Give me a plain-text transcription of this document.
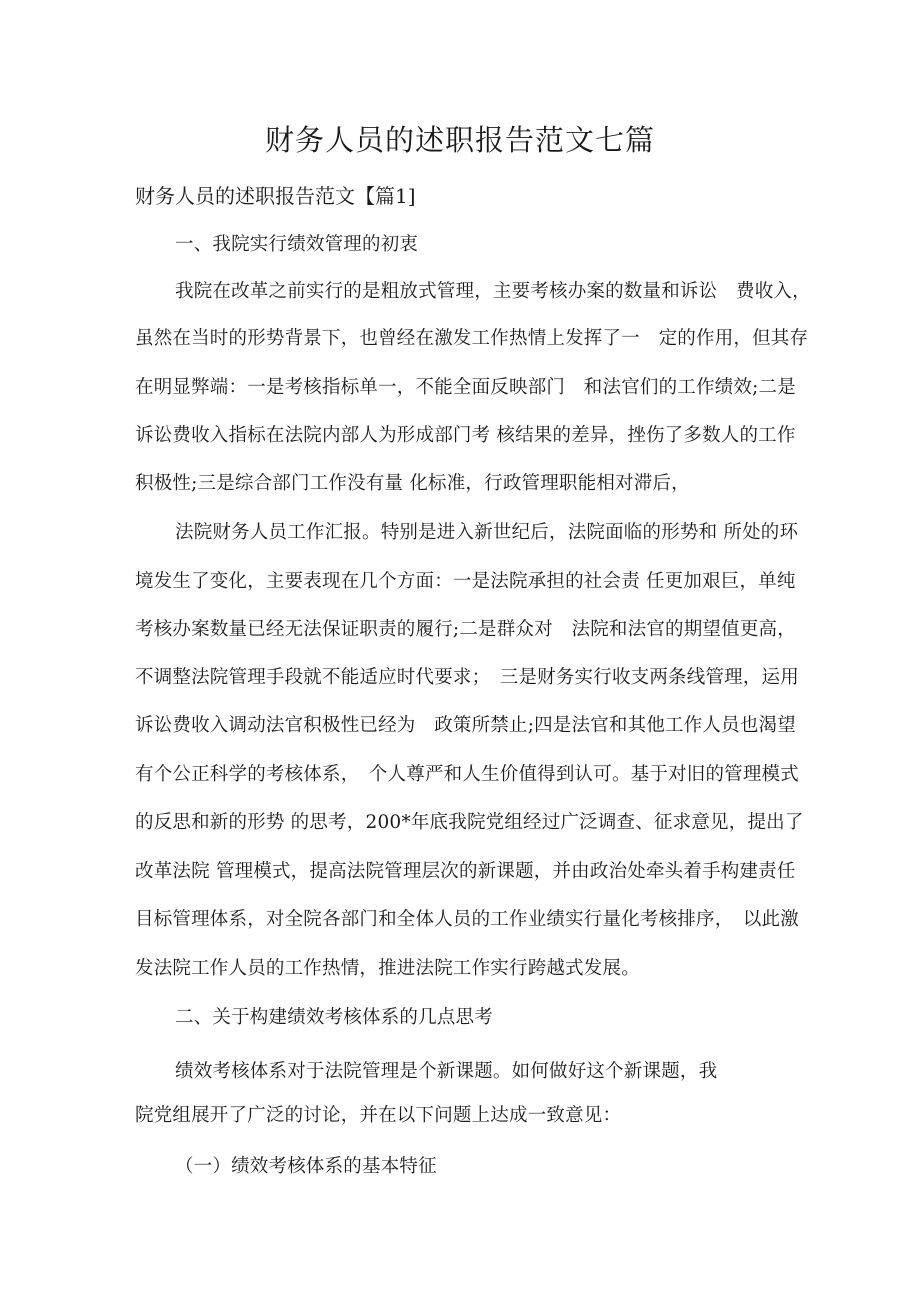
财务人员的述职报告范文七篇
财务人员的述职报告范文【篇1]
一、我院实行绩效管理的初衷
我院在改革之前实行的是粗放式管理，主要考核办案的数量和诉讼　费收入，
虽然在当时的形势背景下，也曾经在激发工作热情上发挥了一　定的作用，但其存
在明显弊端：一是考核指标单一，不能全面反映部门　和法官们的工作绩效;二是
诉讼费收入指标在法院内部人为形成部门考 核结果的差异，挫伤了多数人的工作
积极性;三是综合部门工作没有量 化标准，行政管理职能相对滞后，
法院财务人员工作汇报。特别是进入新世纪后，法院面临的形势和 所处的环
境发生了变化，主要表现在几个方面：一是法院承担的社会责 任更加艰巨，单纯
考核办案数量已经无法保证职责的履行;二是群众对　法院和法官的期望值更高，
不调整法院管理手段就不能适应时代要求；　三是财务实行收支两条线管理，运用
诉讼费收入调动法官积极性已经为　政策所禁止;四是法官和其他工作人员也渴望
有个公正科学的考核体系，　个人尊严和人生价值得到认可。基于对旧的管理模式
的反思和新的形势 的思考，200*年底我院党组经过广泛调查、征求意见，提出了
改革法院 管理模式，提高法院管理层次的新课题，并由政治处牵头着手构建责任
目标管理体系，对全院各部门和全体人员的工作业绩实行量化考核排序，　以此激
发法院工作人员的工作热情，推进法院工作实行跨越式发展。
二、关于构建绩效考核体系的几点思考
绩效考核体系对于法院管理是个新课题。如何做好这个新课题，我
院党组展开了广泛的讨论，并在以下问题上达成一致意见：
（一）绩效考核体系的基本特征
